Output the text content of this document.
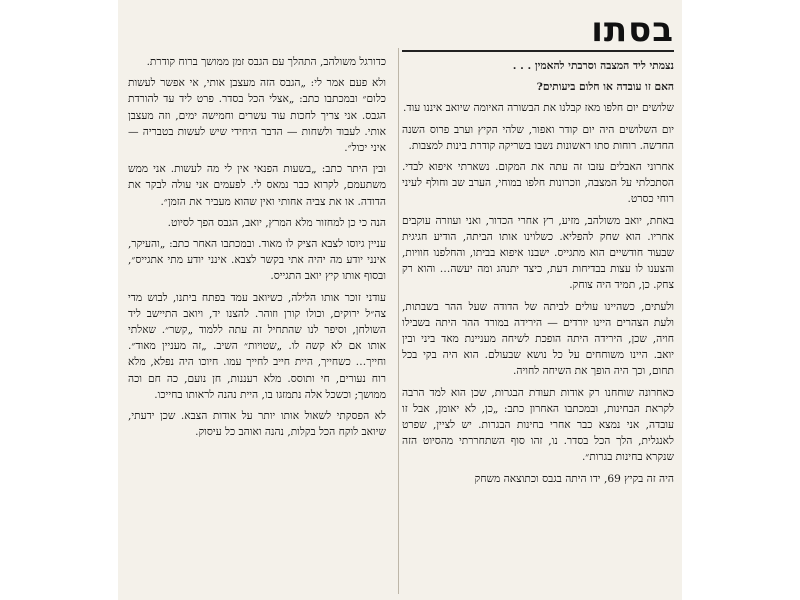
בסתו

נצמתי ליד המצבה וסרבתי להאמין . . .

האם זו עובדה או חלום ביעותים?

שלושים יום חלפו מאז קבלנו את הבשורה האיומה שיואב איננו עוד.

יום השלושים היה יום קודר ואפור, שלהי הקיץ וערב פרוס השנה החדשה. רוחות סתו ראשונות נשבו בשריקה קודרת בינות למצבות.

אחרוני האבלים עזבו זה עתה את המקום. נשארתי איפוא לבדי. הסתכלתי על המצבה, וזכרונות חלפו במוחי, הערב שב וחולף לעיני רוחי כסרט.

באחת, יואב משולהב, מזיע, רץ אחרי הכדור, ואני ועוזרה עוקבים אחריו. הוא שחק להפליא. כשלוינו אותו הביתה, הודיע חגיגית שבעוד חודשיים הוא מתגייס. ישבנו איפוא בביתו, והחלפנו חוויות, והצענו לו עצות בבדיחות דעת, כיצד יתנהג ומה יעשה… והוא רק צחק. כן, תמיד היה צוחק.

ולעתים, כשהיינו עולים לביתה של הדודה שעל ההר בשבתות, ולעת הצהרים היינו יורדים — הירידה במורד ההר היתה בשבילו חויה, שכן, הירידה היתה הופכת לשיחה מעניינת מאד ביני ובין יואב. היינו משוחחים על כל נושא שבעולם. הוא היה בקי בכל תחום, וכך היה הופך את השיחה לחויה.

כאחרונה שוחחנו רק אודות תעודת הבגרות, שכן הוא למד הרבה לקראת הבחינות, ובמכתבו האחרון כתב: „כן, לא יאומן, אבל זו עובדה, אני נמצא כבר אחרי בחינות הבגרות. יש לציין, שפרט לאנגלית, הלך הכל בסדר. נו, זהו סוף השתחררתי מהסיוט הזה שנקרא בחינות בגרות״.

היה זה בקיץ 69, ידו היתה בגבס וכתוצאה משחק

כדורגל משולהב, התהלך עם הגבס זמן ממושך ברוח קודרת.

ולא פעם אמר לי: „הגבס הזה מעצבן אותי, אי אפשר לעשות כלום״ ובמכתבו כתב: „אצלי הכל בסדר. פרט ליד עד להורדת הגבס. אני צריך לחכות עוד עשרים וחמישה ימים, וזה מעצבן אותי. לעבוד ולשחות — הדבר היחידי שיש לעשות בטבריה — איני יכול״.

ובין היתר כתב: „בשעות הפנאי אין לי מה לעשות. אני ממש משתעמם, לקרוא כבר נמאס לי. לפעמים אני עולה לבקר את הדודה. או את צביה אחותי ואין שהוא מעביר את הזמן״.

הנה כי כן למחזור מלא המרץ, יואב, הגבס הפך לסיוט.

עניין גיוסו לצבא הציק לו מאוד. ובמכתבו האחר כתב: „והעיקר, אינני יודע מה יהיה אתי בקשר לצבא. אינני יודע מתי אתגייס״, ובסוף אותו קיץ יואב התגייס.

עודני זוכר אותו הלילה, כשיואב עמד בפתח ביתנו, לבוש מדי צה״ל ירוקים, וכולו קורן וזוהר. להצנו יד, ויואב התיישב ליד השולחן, וסיפר לנו שהתחיל זה עתה ללמוד „קשר״. שאלתי אותו אם לא קשה לו. „שטויות״ השיב. „זה מעניין מאוד״. וחייך… כשחייך, היית חייב לחייך עמו. חיוכו היה נפלא, מלא רוח נעורים, חי ותוסס. מלא רעננות, חן נועם, כה חם וכה ממושך; וכשכל אלה נתמזגו בו, היית נהנה לראותו בחייכו.

לא הפסקתי לשאול אותו יותר על אודות הצבא. שכן ידעתי, שיואב לוקח הכל בקלות, נהנה ואוהב כל עיסוק.
